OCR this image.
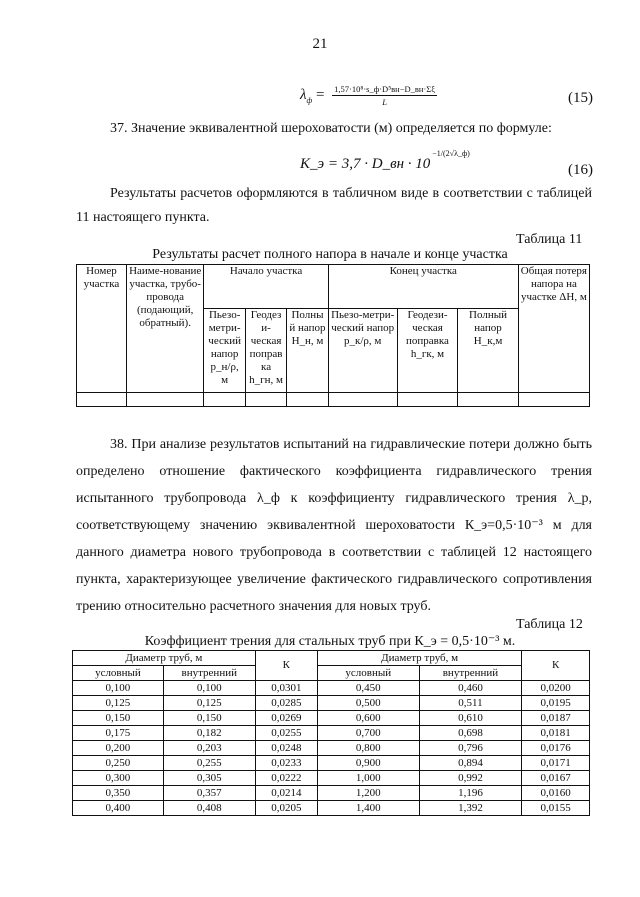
21
$\lambda_ф = \frac{\text{1,57·10⁸·s\_ф·D⁵вн−D\_вн·Σξ}}{L}$	(15)
37. Значение эквивалентной шероховатости (м) определяется по формуле:
K_э = 3,7 · D_вн · $10^{-1/(2√\lambda\_ф)}$
(16)
Результаты расчетов оформляются в табличном виде в соответствии с таблицей
11 настоящего пункта.
Таблица 11
Результаты расчет полного напора в начале и конце участка
Номер участка	Наиме-нование участка, трубо-провода (подающий, обратный).	Начало участка			Конец участка			Общая потеря напора на участке ΔH, м
		Пьезо-метри-ческий напор p_н/ρ, м	Геодез и-ческая поправ ка h_гн, м	Полны й напор H_н, м	Пьезо-метри-ческий напор p_к/ρ, м	Геодези-ческая поправка h_гк, м	Полный напор H_к,м	

38. При анализе результатов испытаний на гидравлические потери должно быть
определено отношение фактического коэффициента гидравлического трения
испытанного трубопровода λ_ф к коэффициенту гидравлического трения λ_р,
соответствующему значению эквивалентной шероховатости К_э=0,5·10⁻³ м для
данного диаметра нового трубопровода в соответствии с таблицей 12 настоящего
пункта, характеризующее увеличение фактического гидравлического сопротивления
трению относительно расчетного значения для новых труб.
Таблица 12
Коэффициент трения для стальных труб при К_э = 0,5·10⁻³ м.
Диаметр труб, м		К	Диаметр труб, м		К
условный	внутренний		условный	внутренний	
0,100	0,100	0,0301	0,450	0,460	0,0200
0,125	0,125	0,0285	0,500	0,511	0,0195
0,150	0,150	0,0269	0,600	0,610	0,0187
0,175	0,182	0,0255	0,700	0,698	0,0181
0,200	0,203	0,0248	0,800	0,796	0,0176
0,250	0,255	0,0233	0,900	0,894	0,0171
0,300	0,305	0,0222	1,000	0,992	0,0167
0,350	0,357	0,0214	1,200	1,196	0,0160
0,400	0,408	0,0205	1,400	1,392	0,0155
